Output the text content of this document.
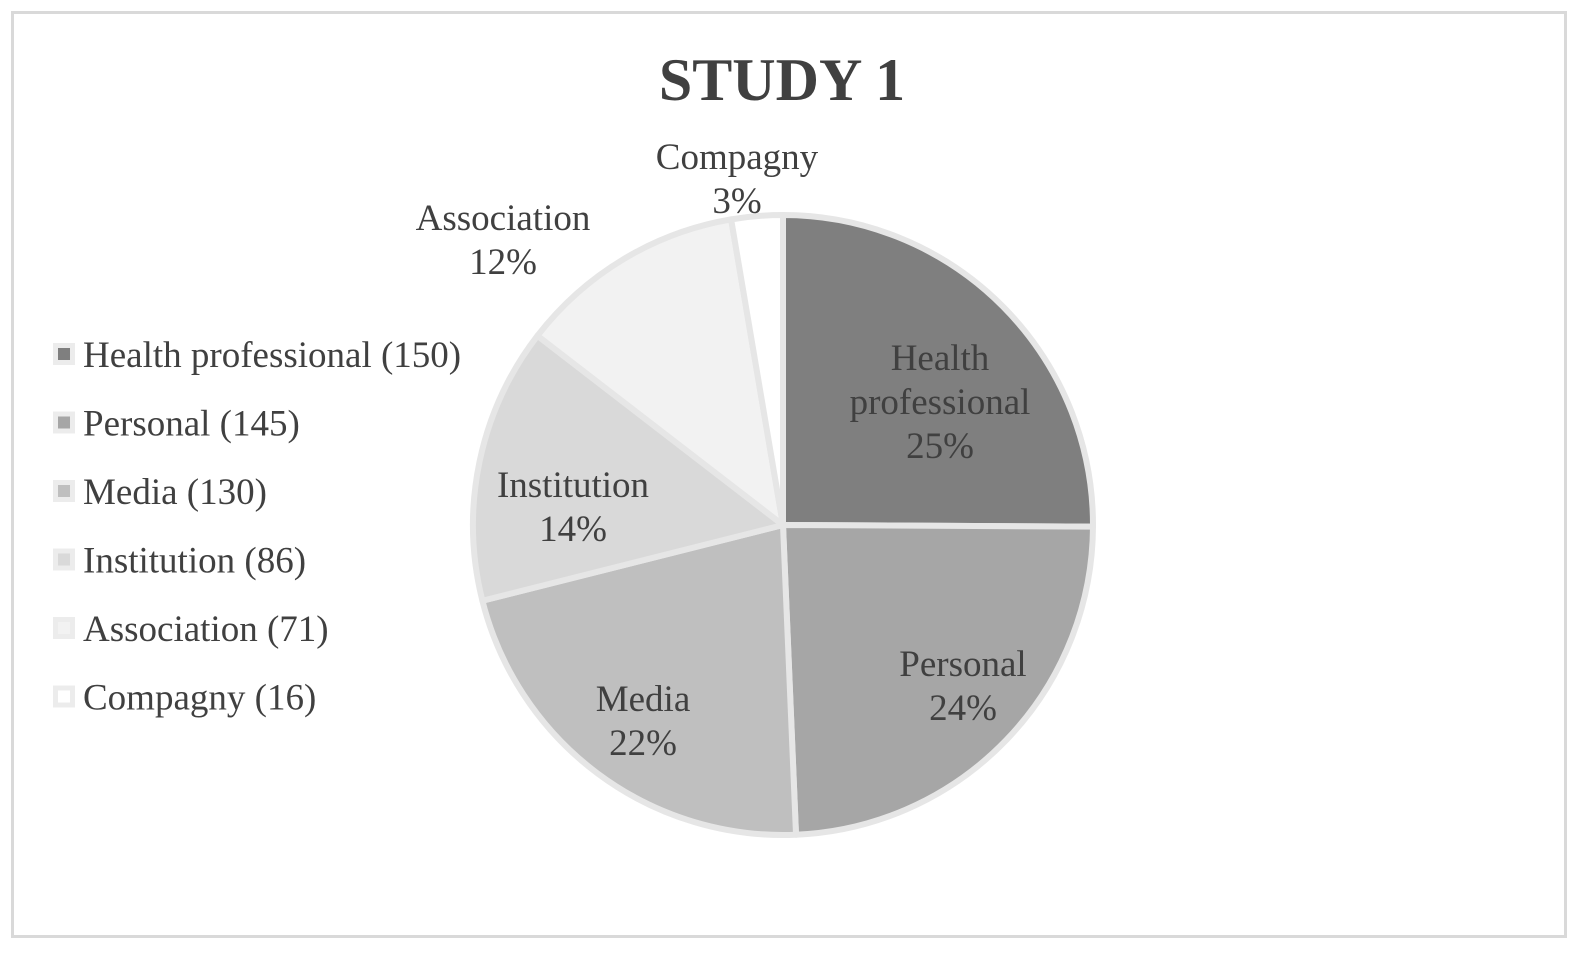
STUDY 1
Health
professional
25%
Personal
24%
Media
22%
Institution
14%
Association
12%
Compagny
3%
Health professional (150)
Personal (145)
Media (130)
Institution (86)
Association (71)
Compagny (16)
